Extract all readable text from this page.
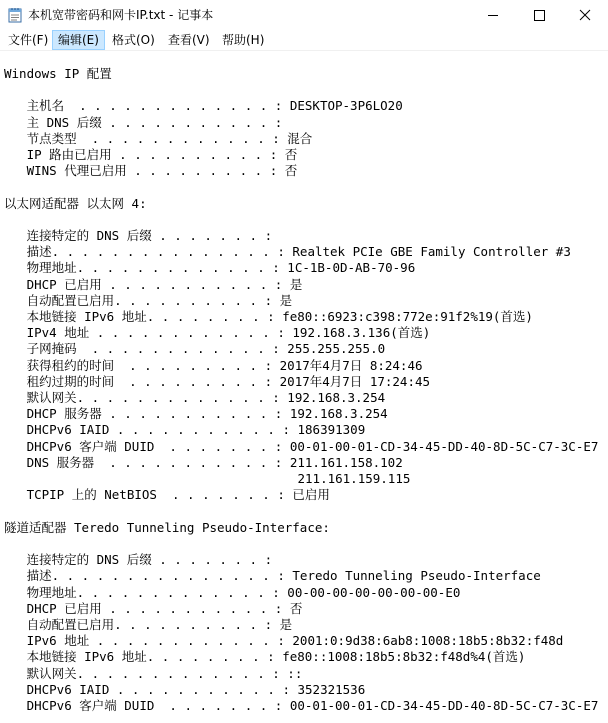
本机宽带密码和网卡IP.txt - 记事本
文件(F) 编辑(E)	格式(O)	查看(V)	帮助(H)
Windows IP 配置

主机名  . . . . . . . . . . . . . : DESKTOP-3P6LO20
主 DNS 后缀 . . . . . . . . . . . :
节点类型  . . . . . . . . . . . . : 混合
IP 路由已启用 . . . . . . . . . . : 否
WINS 代理已启用 . . . . . . . . . : 否

以太网适配器 以太网 4:

连接特定的 DNS 后缀 . . . . . . . :
描述. . . . . . . . . . . . . . . : Realtek PCIe GBE Family Controller #3
物理地址. . . . . . . . . . . . . : 1C-1B-0D-AB-70-96
DHCP 已启用 . . . . . . . . . . . : 是
自动配置已启用. . . . . . . . . . : 是
本地链接 IPv6 地址. . . . . . . . : fe80::6923:c398:772e:91f2%19(首选)
IPv4 地址 . . . . . . . . . . . . : 192.168.3.136(首选)
子网掩码  . . . . . . . . . . . . : 255.255.255.0
获得租约的时间  . . . . . . . . . : 2017年4月7日 8:24:46
租约过期的时间  . . . . . . . . . : 2017年4月7日 17:24:45
默认网关. . . . . . . . . . . . . : 192.168.3.254
DHCP 服务器 . . . . . . . . . . . : 192.168.3.254
DHCPv6 IAID . . . . . . . . . . . : 186391309
DHCPv6 客户端 DUID  . . . . . . . : 00-01-00-01-CD-34-45-DD-40-8D-5C-C7-3C-E7
DNS 服务器  . . . . . . . . . . . : 211.161.158.102
211.161.159.115
TCPIP 上的 NetBIOS  . . . . . . . : 已启用

隧道适配器 Teredo Tunneling Pseudo-Interface:

连接特定的 DNS 后缀 . . . . . . . :
描述. . . . . . . . . . . . . . . : Teredo Tunneling Pseudo-Interface
物理地址. . . . . . . . . . . . . : 00-00-00-00-00-00-00-E0
DHCP 已启用 . . . . . . . . . . . : 否
自动配置已启用. . . . . . . . . . : 是
IPv6 地址 . . . . . . . . . . . . : 2001:0:9d38:6ab8:1008:18b5:8b32:f48d
本地链接 IPv6 地址. . . . . . . . : fe80::1008:18b5:8b32:f48d%4(首选)
默认网关. . . . . . . . . . . . . : ::
DHCPv6 IAID . . . . . . . . . . . : 352321536
DHCPv6 客户端 DUID  . . . . . . . : 00-01-00-01-CD-34-45-DD-40-8D-5C-C7-3C-E7
